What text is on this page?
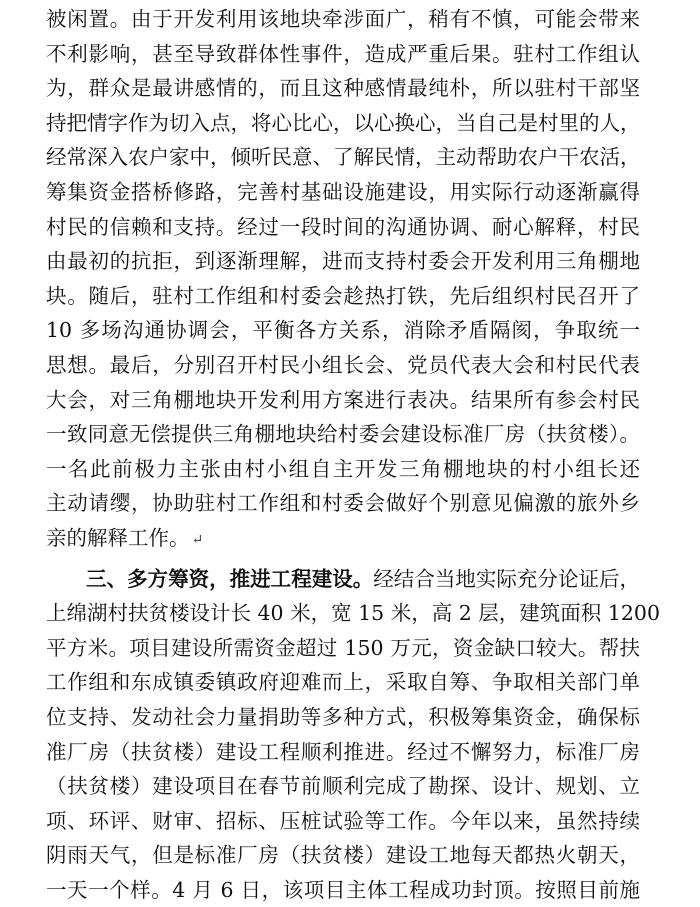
被闲置。由于开发利用该地块牵涉面广，稍有不慎，可能会带来
不利影响，甚至导致群体性事件，造成严重后果。驻村工作组认
为，群众是最讲感情的，而且这种感情最纯朴，所以驻村干部坚
持把情字作为切入点，将心比心，以心换心，当自己是村里的人，
经常深入农户家中，倾听民意、了解民情，主动帮助农户干农活，
筹集资金搭桥修路，完善村基础设施建设，用实际行动逐渐赢得
村民的信赖和支持。经过一段时间的沟通协调、耐心解释，村民
由最初的抗拒，到逐渐理解，进而支持村委会开发利用三角棚地
块。随后，驻村工作组和村委会趁热打铁，先后组织村民召开了
10 多场沟通协调会，平衡各方关系，消除矛盾隔阂，争取统一
思想。最后，分别召开村民小组长会、党员代表大会和村民代表
大会，对三角棚地块开发利用方案进行表决。结果所有参会村民
一致同意无偿提供三角棚地块给村委会建设标准厂房（扶贫楼）。
一名此前极力主张由村小组自主开发三角棚地块的村小组长还
主动请缨，协助驻村工作组和村委会做好个别意见偏激的旅外乡
亲的解释工作。 ↵
三、多方筹资，推进工程建设。经结合当地实际充分论证后，
上绵湖村扶贫楼设计长 40 米，宽 15 米，高 2 层，建筑面积 1200
平方米。项目建设所需资金超过 150 万元，资金缺口较大。帮扶
工作组和东成镇委镇政府迎难而上，采取自筹、争取相关部门单
位支持、发动社会力量捐助等多种方式，积极筹集资金，确保标
准厂房（扶贫楼）建设工程顺利推进。经过不懈努力，标准厂房
（扶贫楼）建设项目在春节前顺利完成了勘探、设计、规划、立
项、环评、财审、招标、压桩试验等工作。今年以来，虽然持续
阴雨天气，但是标准厂房（扶贫楼）建设工地每天都热火朝天，
一天一个样。4 月 6 日，该项目主体工程成功封顶。按照目前施
